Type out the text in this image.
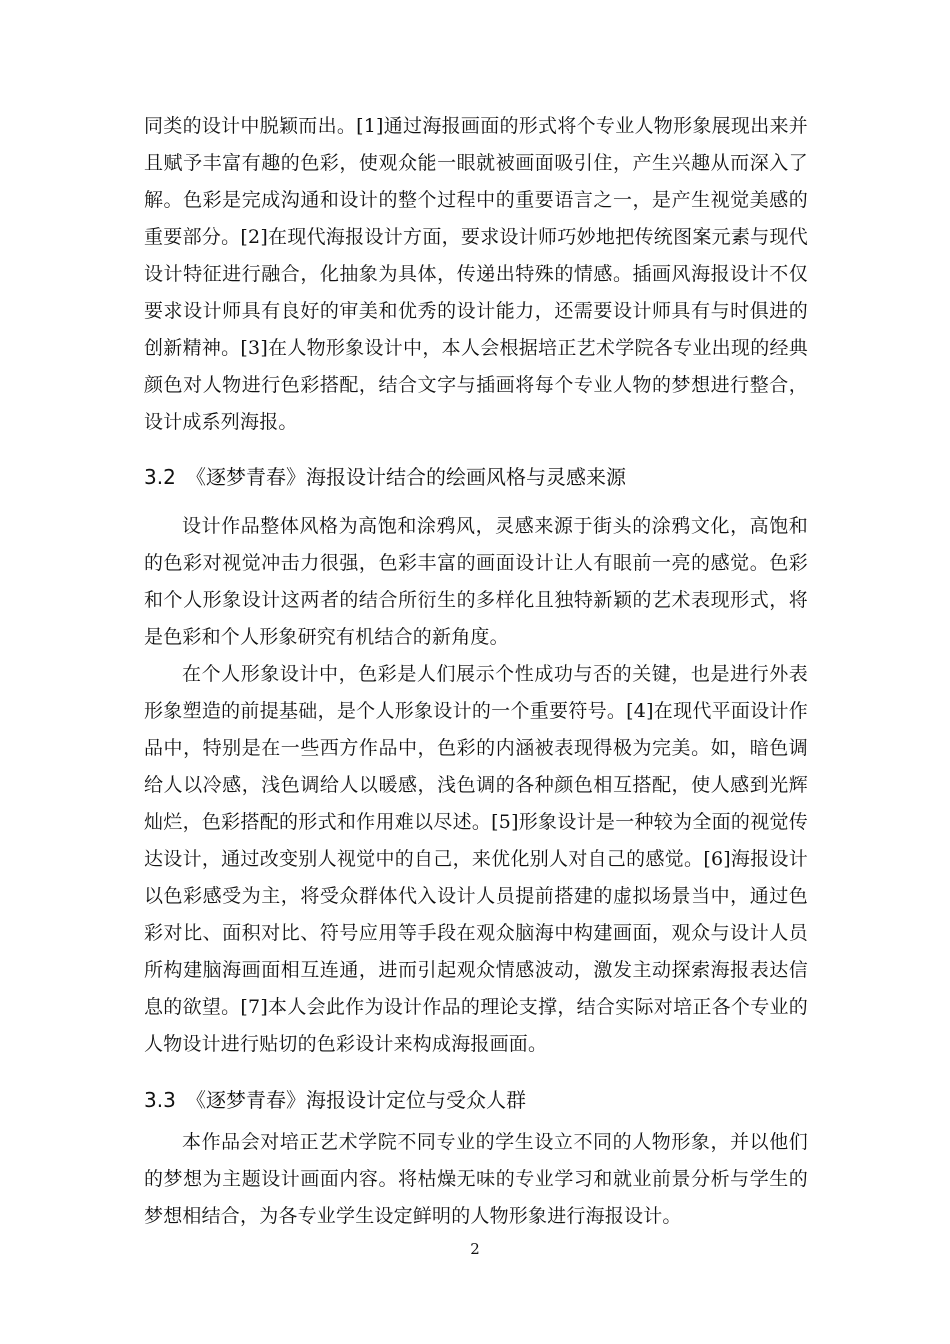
同类的设计中脱颖而出。[1]通过海报画面的形式将个专业人物形象展现出来并
且赋予丰富有趣的色彩，使观众能一眼就被画面吸引住，产生兴趣从而深入了
解。色彩是完成沟通和设计的整个过程中的重要语言之一，是产生视觉美感的
重要部分。[2]在现代海报设计方面，要求设计师巧妙地把传统图案元素与现代
设计特征进行融合，化抽象为具体，传递出特殊的情感。插画风海报设计不仅
要求设计师具有良好的审美和优秀的设计能力，还需要设计师具有与时俱进的
创新精神。[3]在人物形象设计中，本人会根据培正艺术学院各专业出现的经典
颜色对人物进行色彩搭配，结合文字与插画将每个专业人物的梦想进行整合，
设计成系列海报。
3.2 《逐梦青春》海报设计结合的绘画风格与灵感来源
设计作品整体风格为高饱和涂鸦风，灵感来源于街头的涂鸦文化，高饱和
的色彩对视觉冲击力很强，色彩丰富的画面设计让人有眼前一亮的感觉。色彩
和个人形象设计这两者的结合所衍生的多样化且独特新颖的艺术表现形式，将
是色彩和个人形象研究有机结合的新角度。
在个人形象设计中，色彩是人们展示个性成功与否的关键，也是进行外表
形象塑造的前提基础，是个人形象设计的一个重要符号。[4]在现代平面设计作
品中，特别是在一些西方作品中，色彩的内涵被表现得极为完美。如，暗色调
给人以冷感，浅色调给人以暖感，浅色调的各种颜色相互搭配，使人感到光辉
灿烂，色彩搭配的形式和作用难以尽述。[5]形象设计是一种较为全面的视觉传
达设计，通过改变别人视觉中的自己，来优化别人对自己的感觉。[6]海报设计
以色彩感受为主，将受众群体代入设计人员提前搭建的虚拟场景当中，通过色
彩对比、面积对比、符号应用等手段在观众脑海中构建画面，观众与设计人员
所构建脑海画面相互连通，进而引起观众情感波动，激发主动探索海报表达信
息的欲望。[7]本人会此作为设计作品的理论支撑，结合实际对培正各个专业的
人物设计进行贴切的色彩设计来构成海报画面。
3.3 《逐梦青春》海报设计定位与受众人群
本作品会对培正艺术学院不同专业的学生设立不同的人物形象，并以他们
的梦想为主题设计画面内容。将枯燥无味的专业学习和就业前景分析与学生的
梦想相结合，为各专业学生设定鲜明的人物形象进行海报设计。
2
